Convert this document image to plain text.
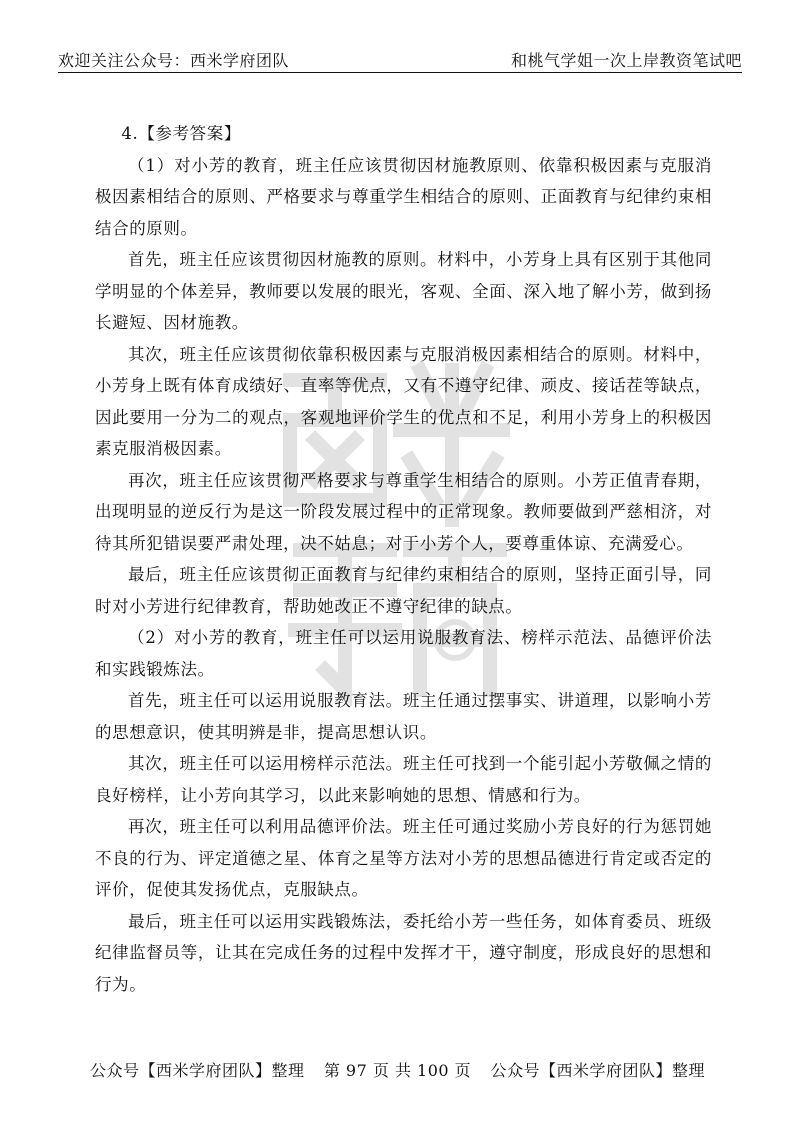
欢迎关注公众号：西米学府团队	和桃气学姐一次上岸教资笔试吧

4.【参考答案】

（1）对小芳的教育，班主任应该贯彻因材施教原则、依靠积极因素与克服消极因素相结合的原则、严格要求与尊重学生相结合的原则、正面教育与纪律约束相结合的原则。

首先，班主任应该贯彻因材施教的原则。材料中，小芳身上具有区别于其他同学明显的个体差异，教师要以发展的眼光，客观、全面、深入地了解小芳，做到扬长避短、因材施教。

其次，班主任应该贯彻依靠积极因素与克服消极因素相结合的原则。材料中，小芳身上既有体育成绩好、直率等优点，又有不遵守纪律、顽皮、接话茬等缺点，因此要用一分为二的观点，客观地评价学生的优点和不足，利用小芳身上的积极因素克服消极因素。

再次，班主任应该贯彻严格要求与尊重学生相结合的原则。小芳正值青春期，出现明显的逆反行为是这一阶段发展过程中的正常现象。教师要做到严慈相济，对待其所犯错误要严肃处理，决不姑息；对于小芳个人，要尊重体谅、充满爱心。

最后，班主任应该贯彻正面教育与纪律约束相结合的原则，坚持正面引导，同时对小芳进行纪律教育，帮助她改正不遵守纪律的缺点。

（2）对小芳的教育，班主任可以运用说服教育法、榜样示范法、品德评价法和实践锻炼法。

首先，班主任可以运用说服教育法。班主任通过摆事实、讲道理，以影响小芳的思想意识，使其明辨是非，提高思想认识。

其次，班主任可以运用榜样示范法。班主任可找到一个能引起小芳敬佩之情的良好榜样，让小芳向其学习，以此来影响她的思想、情感和行为。

再次，班主任可以利用品德评价法。班主任可通过奖励小芳良好的行为惩罚她不良的行为、评定道德之星、体育之星等方法对小芳的思想品德进行肯定或否定的评价，促使其发扬优点，克服缺点。

最后，班主任可以运用实践锻炼法，委托给小芳一些任务，如体育委员、班级纪律监督员等，让其在完成任务的过程中发挥才干，遵守制度，形成良好的思想和行为。

公众号【西米学府团队】整理 第 97 页 共 100 页 公众号【西米学府团队】整理
